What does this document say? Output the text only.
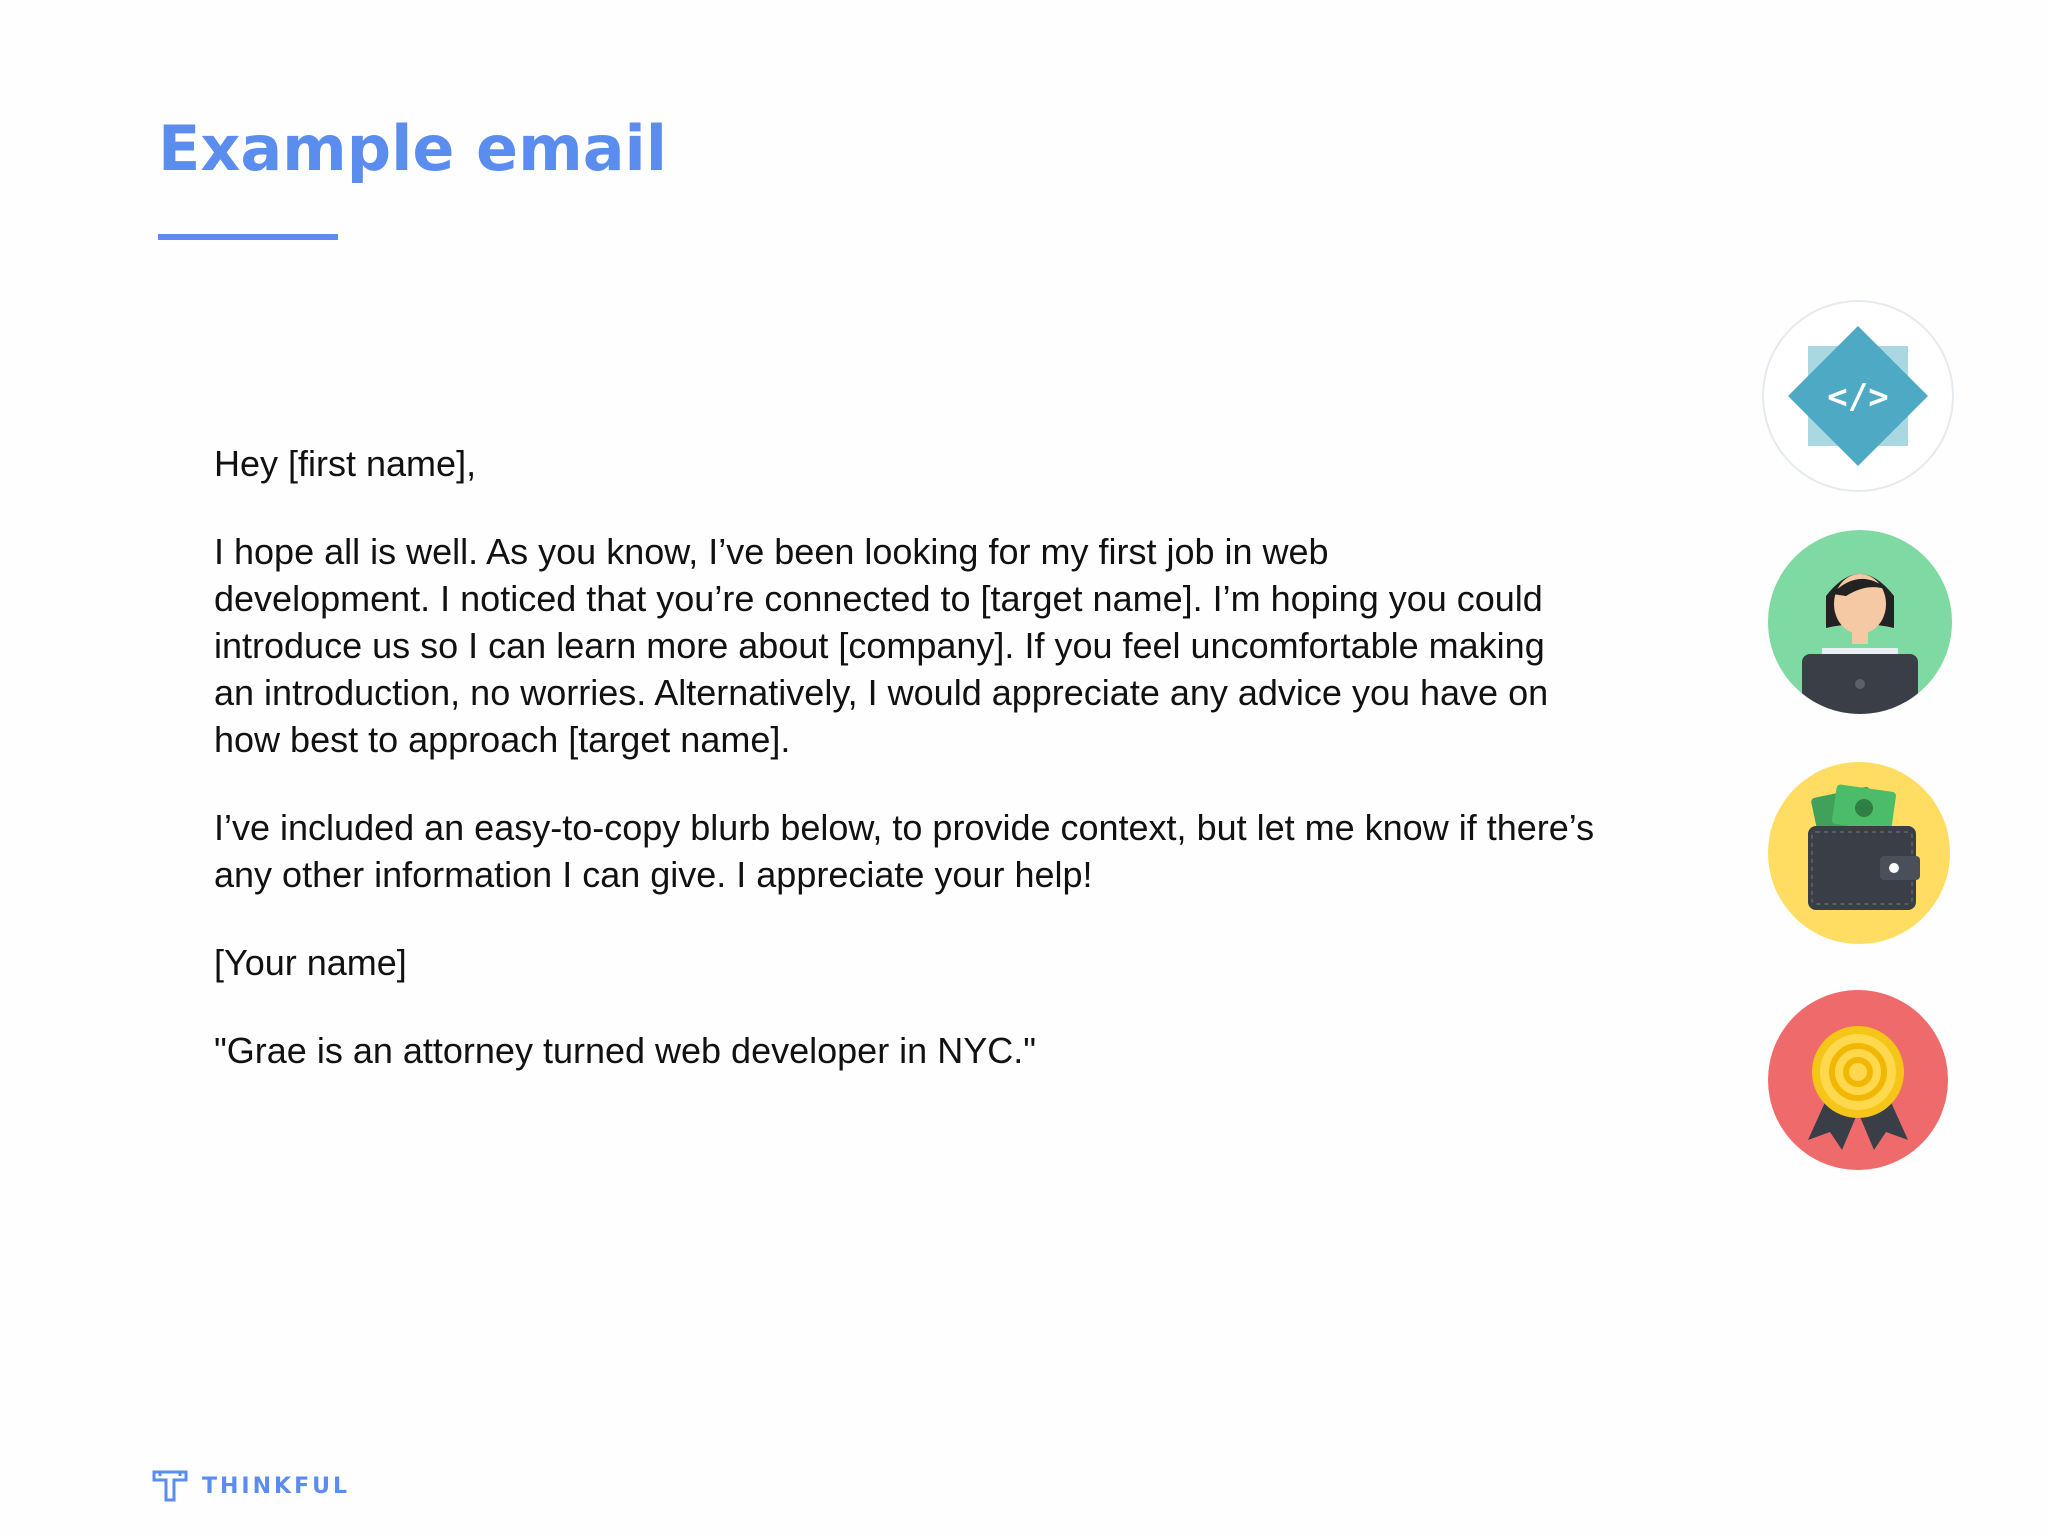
Example email

Hey [first name],

I hope all is well. As you know, I’ve been looking for my first job in web development. I noticed that you’re connected to [target name]. I’m hoping you could introduce us so I can learn more about [company]. If you feel uncomfortable making an introduction, no worries. Alternatively, I would appreciate any advice you have on how best to approach [target name].

I’ve included an easy-to-copy blurb below, to provide context, but let me know if there’s any other information I can give. I appreciate your help!

[Your name]

"Grae is an attorney turned web developer in NYC."

</>
THINKFUL
